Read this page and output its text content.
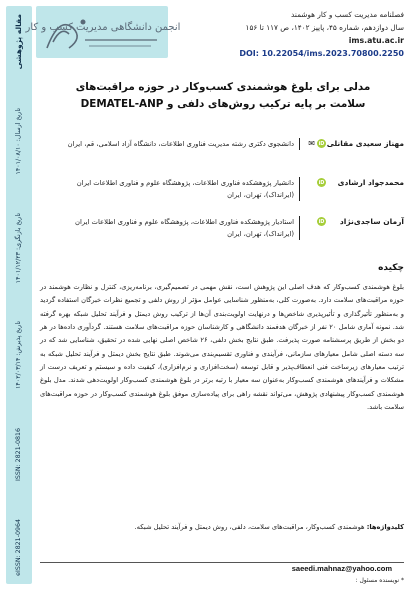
مقاله پژوهشی
تاریخ ارسال: ۱۴۰۱/۰۸/۱۰
تاریخ بازنگری: ۱۴۰۱/۱۲/۲۳
تاریخ پذیرش: ۱۴۰۲/۰۳/۱۴
ISSN: 2821-0816
eISSN: 2821-0964
انجمن دانشگاهی مدیریت کسب و کار
فصلنامه مدیریت کسب و کار هوشمند
سال دوازدهم، شماره ۴۵، پاییز ۱۴۰۲، ص ۱۱۷ تا ۱۵۶
ims.atu.ac.ir
DOI: 10.22054/ims.2023.70800.2250
مدلی برای بلوغ هوشمندی کسب‌وکار در حوزه مراقبت‌های
سلامت بر پایه ترکیب روش‌های دلفی و DEMATEL-ANP
مهناز سعیدی مقانلی
iD
✉
دانشجوی دکتری رشته مدیریت فناوری اطلاعات، دانشگاه آزاد اسلامی، قم، ایران
محمدجواد ارشادی
iD
دانشیار پژوهشکده فناوری اطلاعات، پژوهشگاه علوم و فناوری اطلاعات ایران (ایرانداک)، تهران، ایران
آرمان ساجدی‌نژاد
iD
استادیار پژوهشکده فناوری اطلاعات، پژوهشگاه علوم و فناوری اطلاعات ایران (ایرانداک)، تهران، ایران
چکیده
بلوغ هوشمندی کسب‌وکار که هدف اصلی این پژوهش است، نقش مهمی در تصمیم‌گیری، برنامه‌ریزی، کنترل و نظارت هوشمند در حوزه مراقبت‌های سلامت دارد. به‌صورت کلی، به‌منظور شناسایی عوامل مؤثر از روش دلفی و تجمیع نظرات خبرگان استفاده گردید و به‌منظور تأثیرگذاری و تأثیرپذیری شاخص‌ها و درنهایت اولویت‌بندی آن‌ها از ترکیب روش دیمتل و فرآیند تحلیل شبکه بهره گرفته شد. نمونه آماری شامل ۲۰ نفر از خبرگان هدفمند دانشگاهی و کارشناسان حوزه مراقبت‌های سلامت هستند. گردآوری داده‌ها در هر دو بخش از طریق پرسشنامه صورت پذیرفت. طبق نتایج بخش دلفی، ۲۶ شاخص اصلی نهایی شده در تحقیق، شناسایی شد که در سه دسته اصلی شامل معیارهای سازمانی، فرآیندی و فناوری تقسیم‌بندی می‌شوند. طبق نتایج بخش دیمتل و فرآیند تحلیل شبکه به ترتیب معیارهای زیرساخت فنی انعطاف‌پذیر و قابل توسعه (سخت‌افزاری و نرم‌افزاری)، کیفیت داده و سیستم و تعریف درست از مشکلات و فرآیندهای هوشمندی کسب‌وکار به‌عنوان سه معیار با رتبه برتر در بلوغ هوشمندی کسب‌وکار اولویت‌دهی شدند. مدل بلوغ هوشمندی کسب‌وکار پیشنهادی پژوهش، می‌تواند نقشه راهی برای پیاده‌سازی موفق بلوغ هوشمندی کسب‌وکار در حوزه مراقبت‌های سلامت باشد.
کلیدواژه‌ها: هوشمندی کسب‌وکار، مراقبت‌های سلامت، دلفی، روش دیمتل و فرآیند تحلیل شبکه.
saeedi.mahnaz@yahoo.com
* نویسنده مسئول :
